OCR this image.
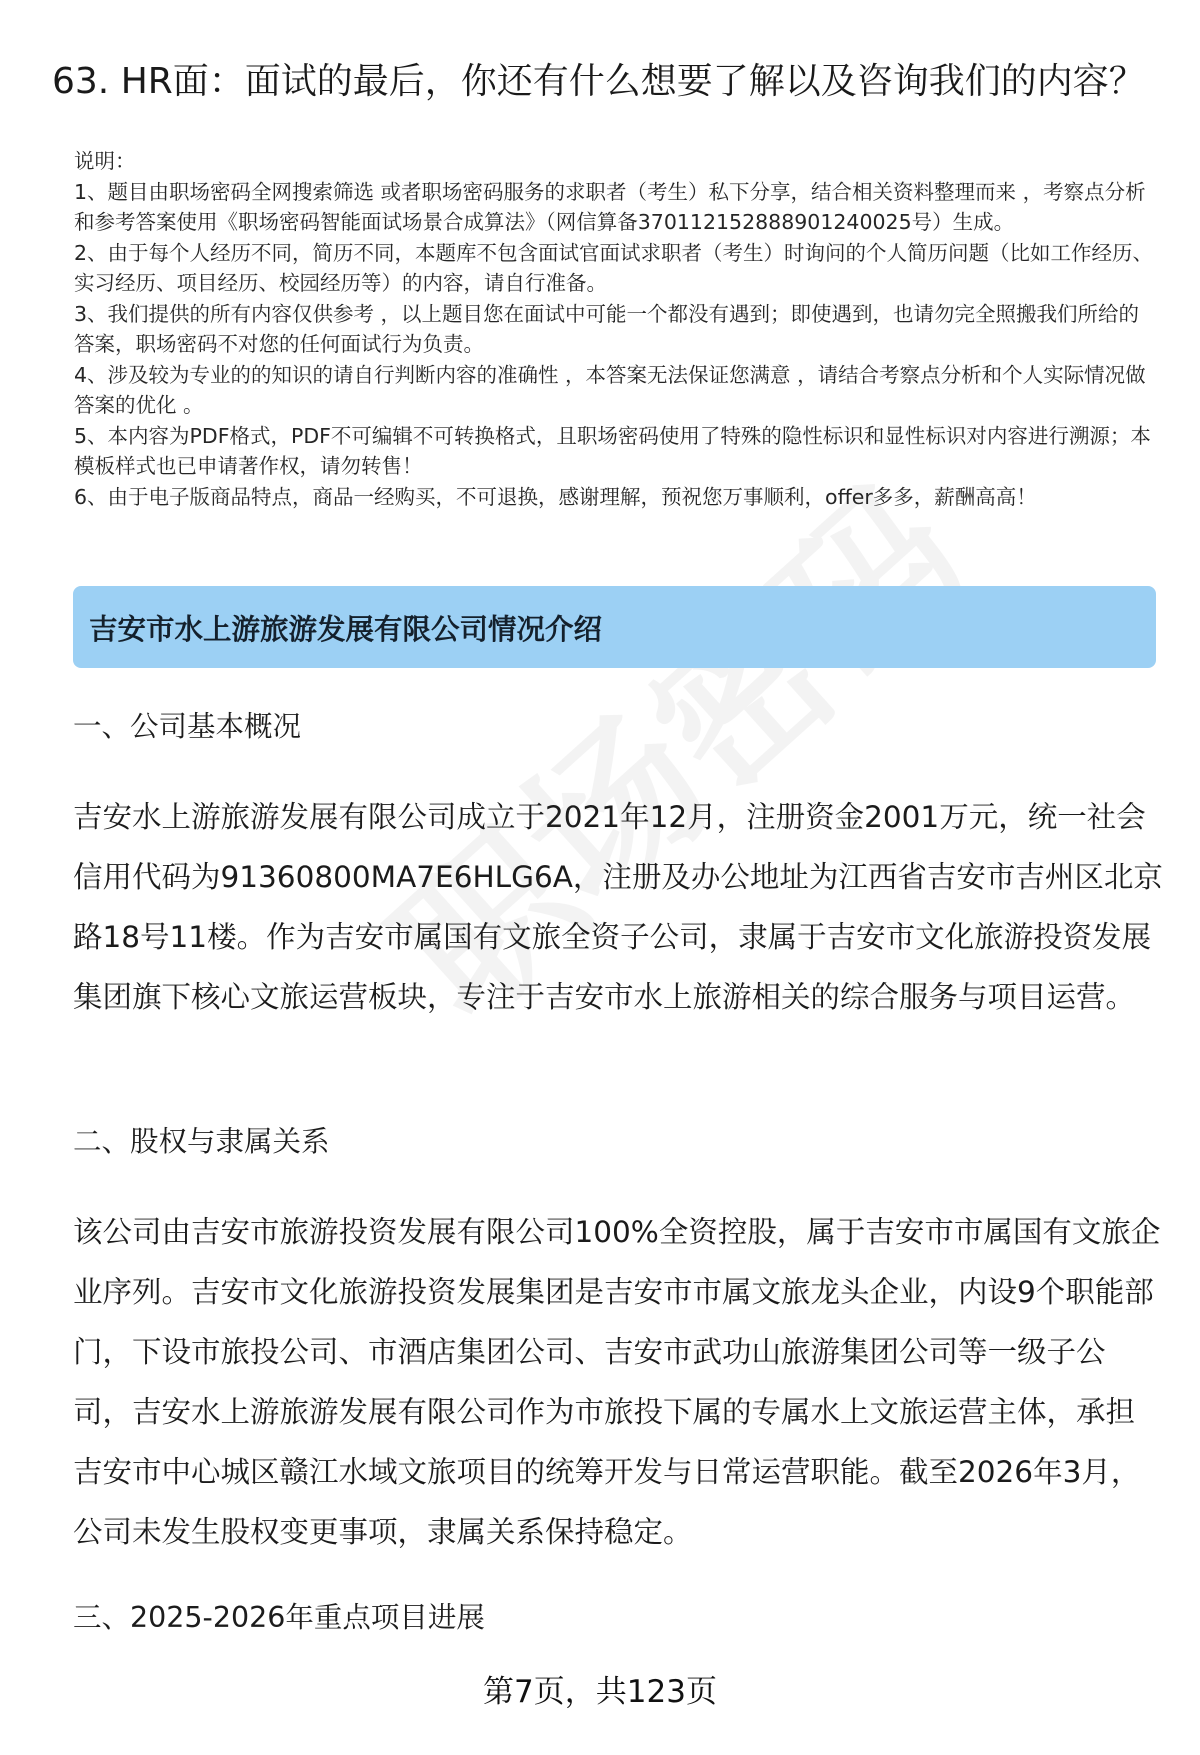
63. HR面：面试的最后，你还有什么想要了解以及咨询我们的内容？

说明：

1、题目由职场密码全网搜索筛选 或者职场密码服务的求职者（考生）私下分享，结合相关资料整理而来 ，考察点分析和参考答案使用《职场密码智能面试场景合成算法》（网信算备370112152888901240025号）生成。

2、由于每个人经历不同，简历不同，本题库不包含面试官面试求职者（考生）时询问的个人简历问题（比如工作经历、实习经历、项目经历、校园经历等）的内容，请自行准备。

3、我们提供的所有内容仅供参考 ，以上题目您在面试中可能一个都没有遇到；即使遇到，也请勿完全照搬我们所给的答案，职场密码不对您的任何面试行为负责。

4、涉及较为专业的的知识的请自行判断内容的准确性 ，本答案无法保证您满意 ，请结合考察点分析和个人实际情况做答案的优化 。

5、本内容为PDF格式，PDF不可编辑不可转换格式，且职场密码使用了特殊的隐性标识和显性标识对内容进行溯源；本模板样式也已申请著作权，请勿转售！

6、由于电子版商品特点，商品一经购买，不可退换，感谢理解，预祝您万事顺利，offer多多，薪酬高高！

吉安市水上游旅游发展有限公司情况介绍
一、公司基本概况

吉安水上游旅游发展有限公司成立于2021年12月，注册资金2001万元，统一社会信用代码为91360800MA7E6HLG6A，注册及办公地址为江西省吉安市吉州区北京路18号11楼。作为吉安市属国有文旅全资子公司，隶属于吉安市文化旅游投资发展集团旗下核心文旅运营板块，专注于吉安市水上旅游相关的综合服务与项目运营。

二、股权与隶属关系

该公司由吉安市旅游投资发展有限公司100%全资控股，属于吉安市市属国有文旅企业序列。吉安市文化旅游投资发展集团是吉安市市属文旅龙头企业，内设9个职能部门，下设市旅投公司、市酒店集团公司、吉安市武功山旅游集团公司等一级子公司，吉安水上游旅游发展有限公司作为市旅投下属的专属水上文旅运营主体，承担吉安市中心城区赣江水域文旅项目的统筹开发与日常运营职能。截至2026年3月，公司未发生股权变更事项，隶属关系保持稳定。

三、2025-2026年重点项目进展
第7页，共123页
